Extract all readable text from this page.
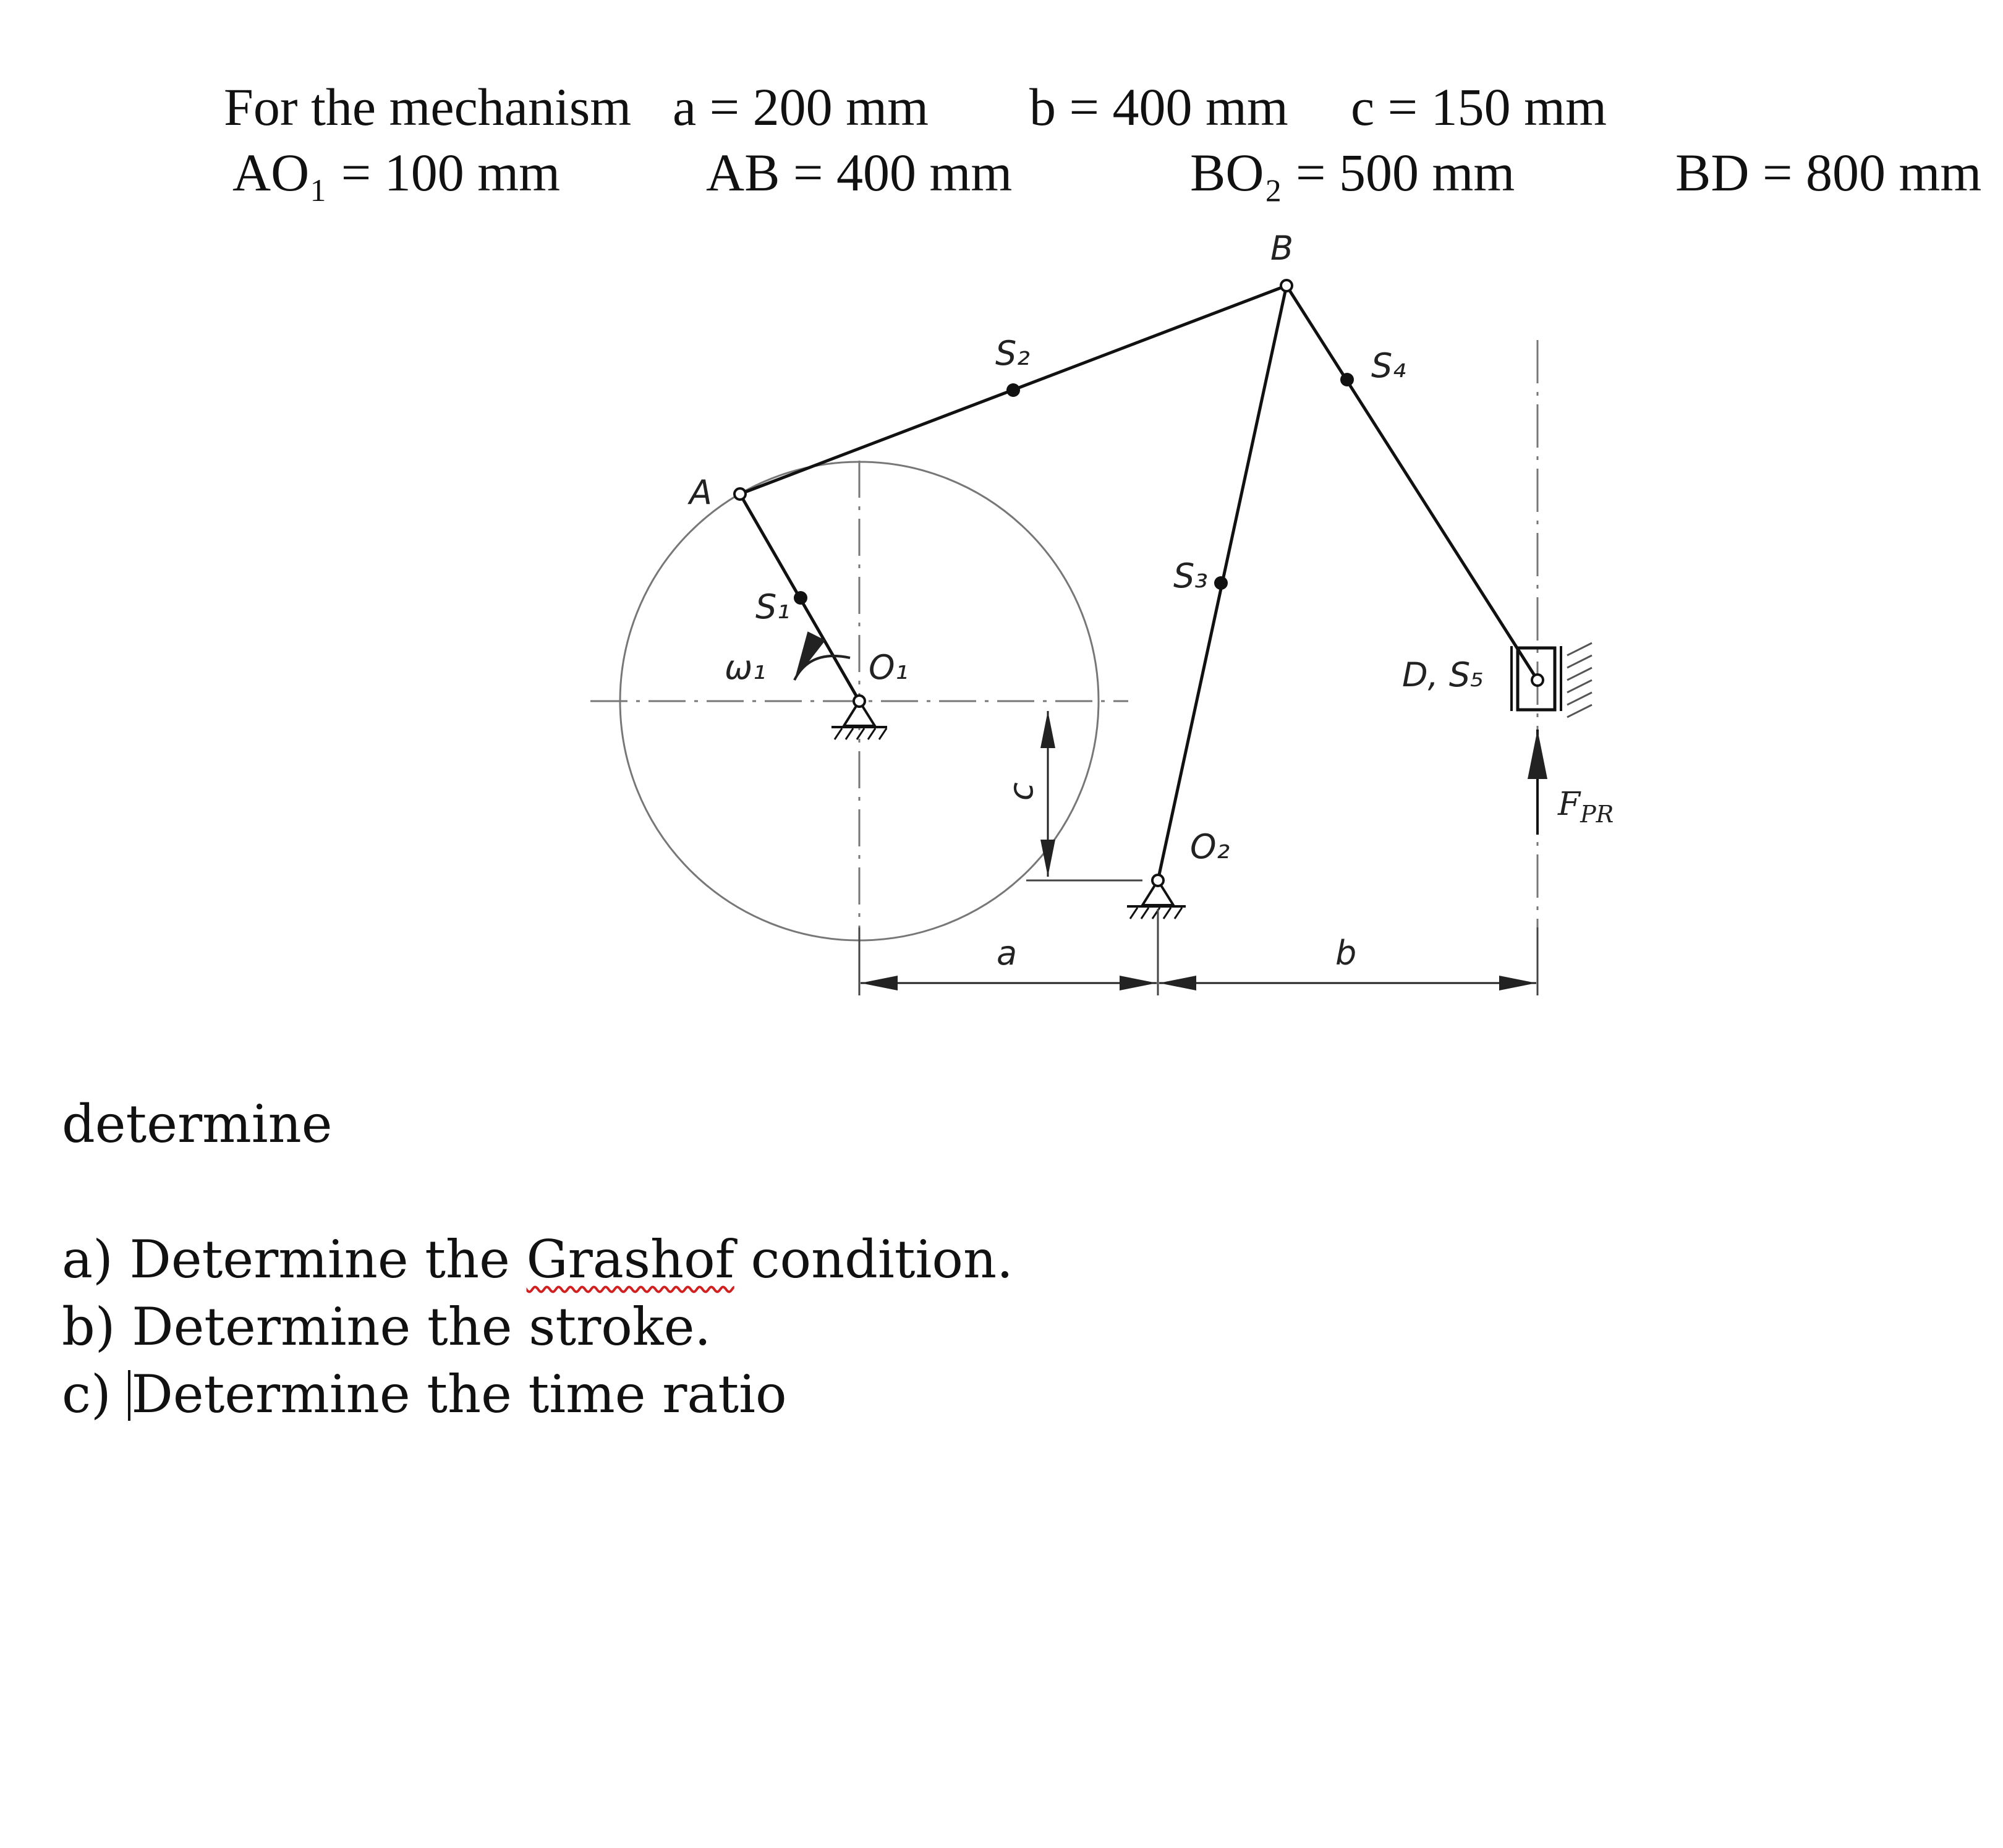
For the mechanism a = 200 mm b = 400 mm c = 150 mm
AO₁ = 100 mm	AB = 400 mm	BO₂ = 500 mm	BD = 800 mm
A
B
S₁
S₂
S₃
S₄
D, S₅
O₁
O₂
ω₁
a	b
c	$F_{PR}$
determine
a) Determine the Grashof condition.
b) Determine the stroke.
c) Determine the time ratio
